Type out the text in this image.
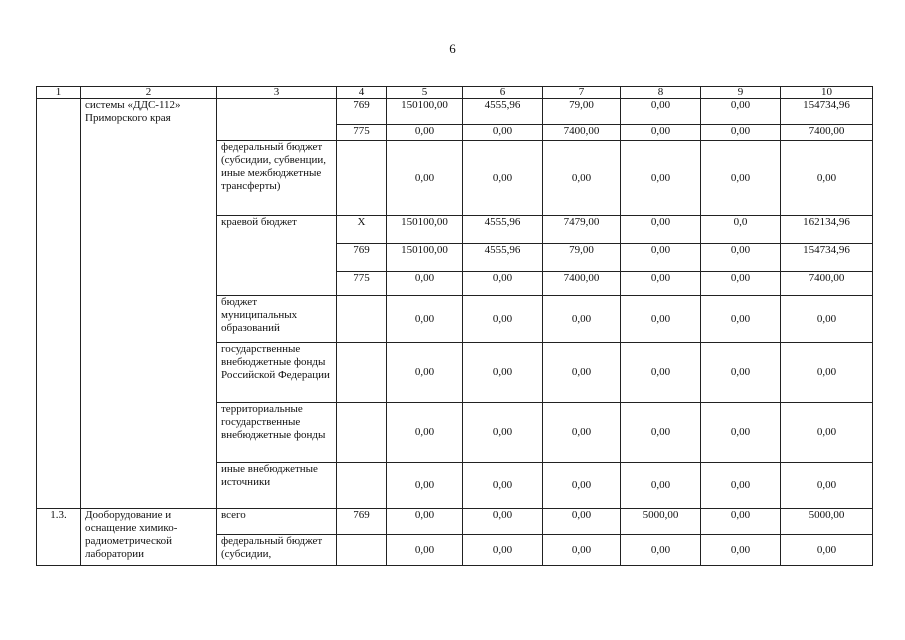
6
1	2	3	4	5	6	7	8	9	10
	системы «ДДС-112» Приморского края		769	150100,00	4555,96	79,00	0,00	0,00	154734,96
			775	0,00	0,00	7400,00	0,00	0,00	7400,00
		федеральный бюджет (субсидии, субвенции, иные межбюджетные трансферты)		0,00	0,00	0,00	0,00	0,00	0,00
		краевой бюджет	Х	150100,00	4555,96	7479,00	0,00	0,0	162134,96
			769	150100,00	4555,96	79,00	0,00	0,00	154734,96
			775	0,00	0,00	7400,00	0,00	0,00	7400,00
		бюджет муниципальных образований		0,00	0,00	0,00	0,00	0,00	0,00
		государственные внебюджетные фонды Российской Федерации		0,00	0,00	0,00	0,00	0,00	0,00
		территориальные государственные внебюджетные фонды		0,00	0,00	0,00	0,00	0,00	0,00
		иные внебюджетные источники		0,00	0,00	0,00	0,00	0,00	0,00
1.3.	Дооборудование и оснащение химико-радиометрической лаборатории	всего	769	0,00	0,00	0,00	5000,00	0,00	5000,00
		федеральный бюджет (субсидии,		0,00	0,00	0,00	0,00	0,00	0,00
